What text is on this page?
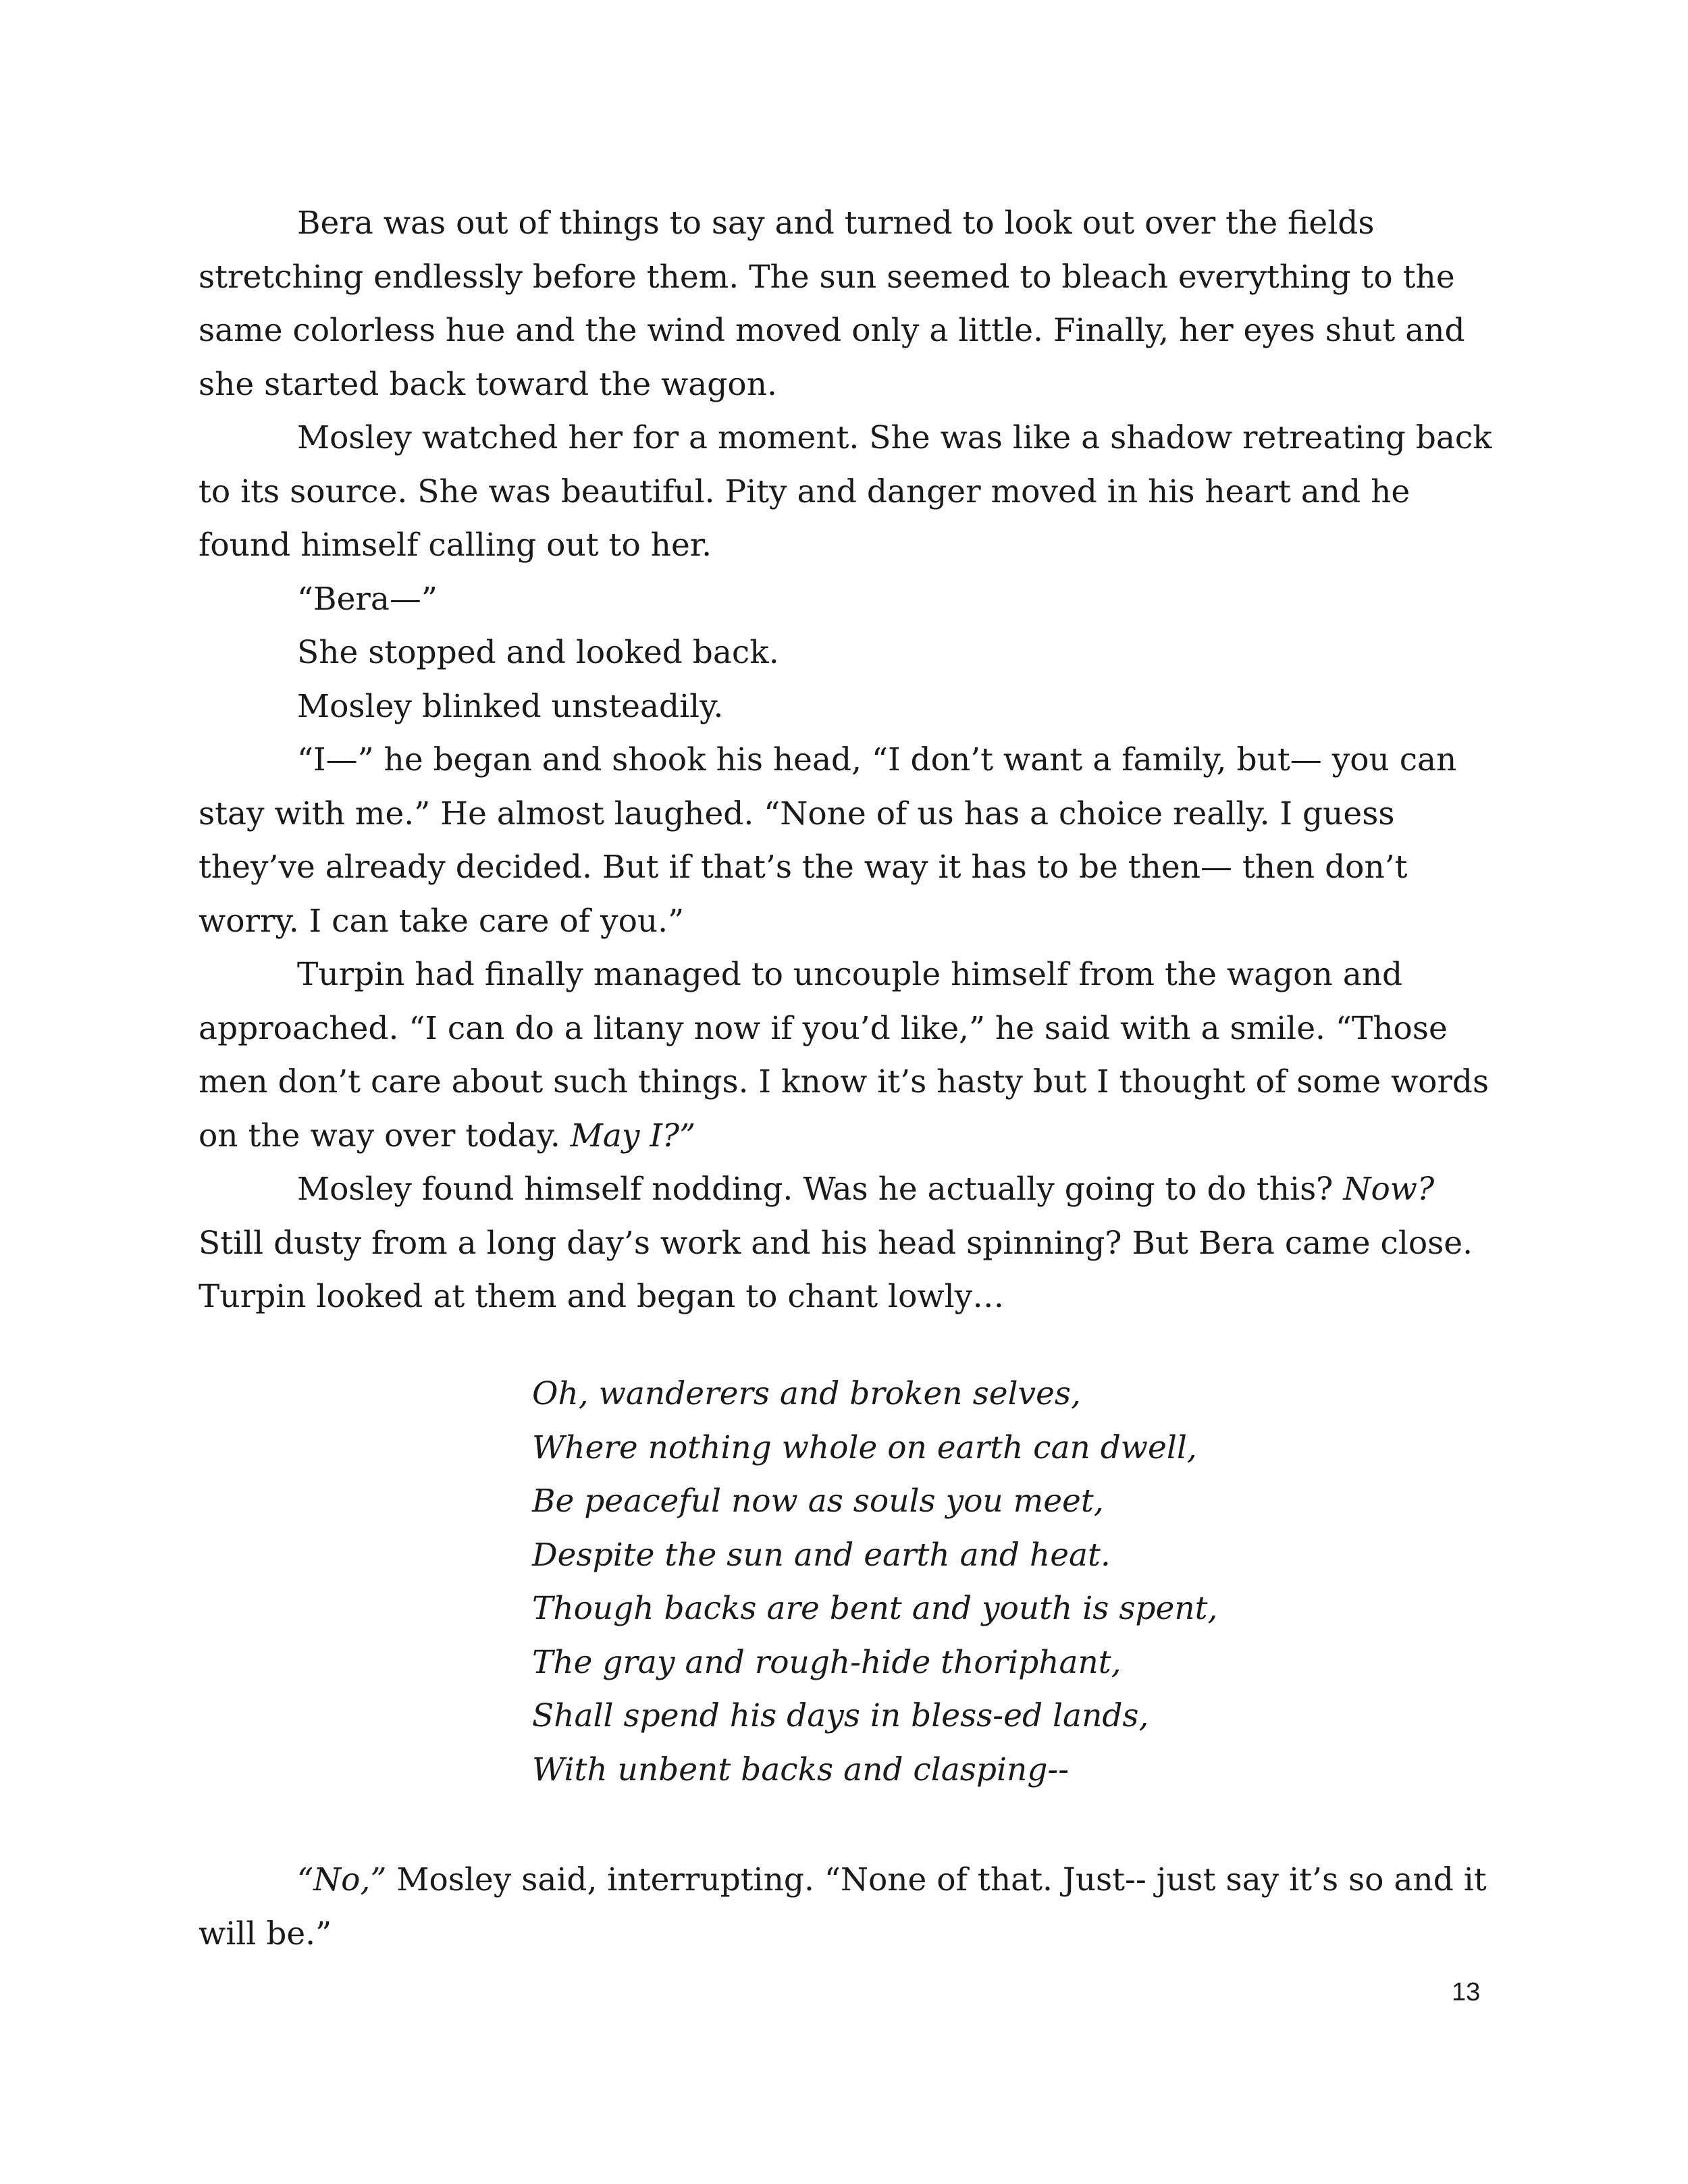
Bera was out of things to say and turned to look out over the fields stretching endlessly before them. The sun seemed to bleach everything to the same colorless hue and the wind moved only a little. Finally, her eyes shut and she started back toward the wagon.

Mosley watched her for a moment. She was like a shadow retreating back to its source. She was beautiful. Pity and danger moved in his heart and he found himself calling out to her.

“Bera—”

She stopped and looked back.

Mosley blinked unsteadily.

“I—” he began and shook his head, “I don’t want a family, but— you can stay with me.” He almost laughed. “None of us has a choice really. I guess they’ve already decided. But if that’s the way it has to be then— then don’t worry. I can take care of you.”

Turpin had finally managed to uncouple himself from the wagon and approached. “I can do a litany now if you’d like,” he said with a smile. “Those men don’t care about such things. I know it’s hasty but I thought of some words on the way over today. May I?”

Mosley found himself nodding. Was he actually going to do this? Now? Still dusty from a long day’s work and his head spinning? But Bera came close. Turpin looked at them and began to chant lowly…

Oh, wanderers and broken selves,
Where nothing whole on earth can dwell,
Be peaceful now as souls you meet,
Despite the sun and earth and heat.
Though backs are bent and youth is spent,
The gray and rough-hide thoriphant,
Shall spend his days in bless-ed lands,
With unbent backs and clasping--

“No,” Mosley said, interrupting. “None of that. Just-- just say it’s so and it will be.”

13
